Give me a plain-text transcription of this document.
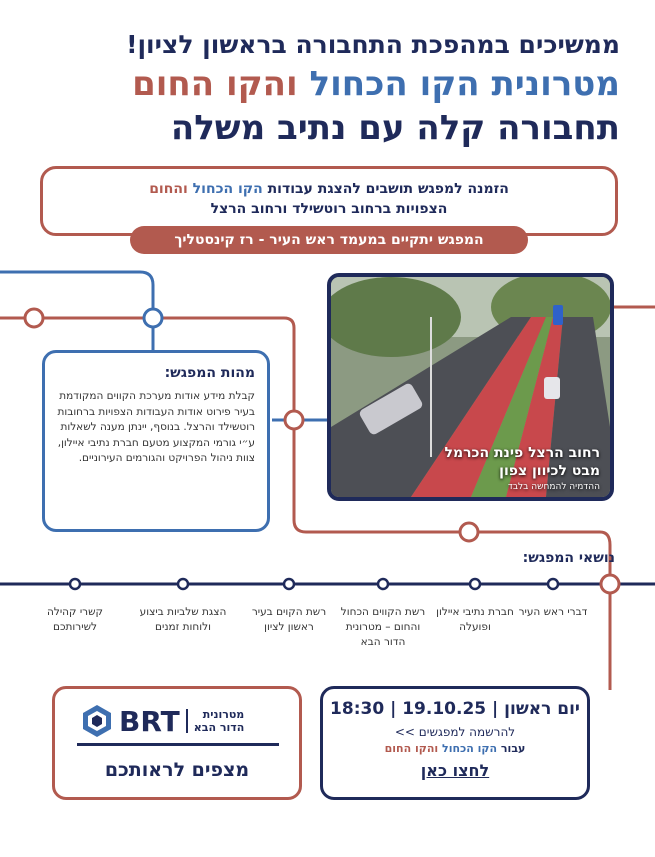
ממשיכים במהפכת התחבורה בראשון לציון!
מטרונית הקו הכחול והקו החום
תחבורה קלה עם נתיב משלה
הזמנה למפגש תושבים להצגת עבודות הקו הכחול והחום
הצפויות ברחוב רוטשילד ורחוב הרצל
המפגש יתקיים במעמד ראש העיר - רז קינסטליך
רחוב הרצל פינת הכרמל
מבט לכיוון צפון
ההדמיה להמחשה בלבד
מהות המפגש:
קבלת מידע אודות מערכת הקווים המקודמת בעיר פירוט אודות העבודות הצפויות ברחובות רוטשילד והרצל. בנוסף, יינתן מענה לשאלות ע״י גורמי המקצוע מטעם חברת נתיבי איילון, צוות ניהול הפרויקט והגורמים העירוניים.
נושאי המפגש:
דברי ראש העיר
חברת נתיבי איילון ופועלה
רשת הקווים הכחול והחום – מטרונית הדור הבא
רשת הקוים בעיר ראשון לציון
הצגת שלביות ביצוע ולוחות זמנים
קשרי קהילה לשירותכם
BRT	מטרונית
הדור הבא
מצפים לראותכם
יום ראשון | 19.10.25 | 18:30
להרשמה למפגשים >>
עבור הקו הכחול והקו החום
לחצו כאן
